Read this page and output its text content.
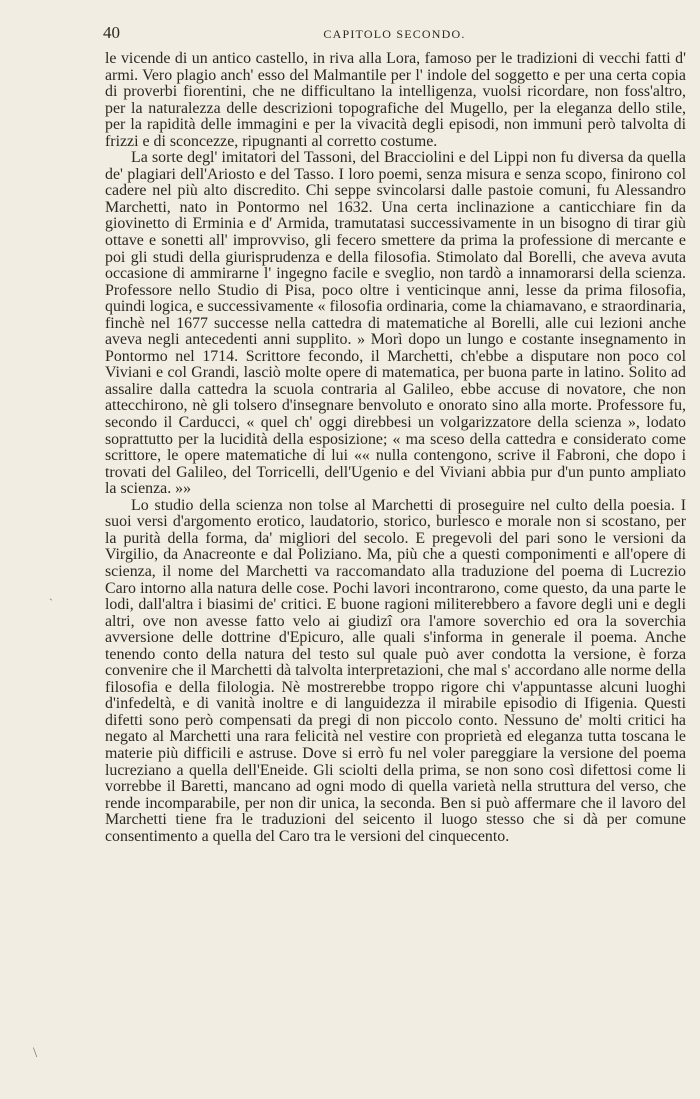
40	CAPITOLO SECONDO.

le vicende di un antico castello, in riva alla Lora, famoso per le tradizioni di vecchi fatti d' armi. Vero plagio anch' esso del Malmantile per l' indole del soggetto e per una certa copia di proverbi fiorentini, che ne difficultano la intelligenza, vuolsi ricordare, non foss'altro, per la naturalezza delle descrizioni topografiche del Mugello, per la eleganza dello stile, per la rapidità delle immagini e per la vivacità degli episodi, non immuni però talvolta di frizzi e di sconcezze, ripugnanti al corretto costume.

La sorte degl' imitatori del Tassoni, del Bracciolini e del Lippi non fu diversa da quella de' plagiari dell'Ariosto e del Tasso. I loro poemi, senza misura e senza scopo, finirono col cadere nel più alto discredito. Chi seppe svincolarsi dalle pastoie comuni, fu Alessandro Marchetti, nato in Pontormo nel 1632. Una certa inclinazione a canticchiare fin da giovinetto di Erminia e d' Armida, tramutatasi successivamente in un bisogno di tirar giù ottave e sonetti all' improvviso, gli fecero smettere da prima la professione di mercante e poi gli studi della giurisprudenza e della filosofia. Stimolato dal Borelli, che aveva avuta occasione di ammirarne l' ingegno facile e sveglio, non tardò a innamorarsi della scienza. Professore nello Studio di Pisa, poco oltre i venticinque anni, lesse da prima filosofia, quindi logica, e successivamente « filosofia ordinaria, come la chiamavano, e straordinaria, finchè nel 1677 successe nella cattedra di matematiche al Borelli, alle cui lezioni anche aveva negli antecedenti anni supplito. » Morì dopo un lungo e costante insegnamento in Pontormo nel 1714. Scrittore fecondo, il Marchetti, ch'ebbe a disputare non poco col Viviani e col Grandi, lasciò molte opere di matematica, per buona parte in latino. Solito ad assalire dalla cattedra la scuola contraria al Galileo, ebbe accuse di novatore, che non attecchirono, nè gli tolsero d'insegnare benvoluto e onorato sino alla morte. Professore fu, secondo il Carducci, « quel ch' oggi direbbesi un volgarizzatore della scienza », lodato soprattutto per la lucidità della esposizione; « ma sceso della cattedra e considerato come scrittore, le opere matematiche di lui «« nulla contengono, scrive il Fabroni, che dopo i trovati del Galileo, del Torricelli, dell'Ugenio e del Viviani abbia pur d'un punto ampliato la scienza. »»

Lo studio della scienza non tolse al Marchetti di proseguire nel culto della poesia. I suoi versi d'argomento erotico, laudatorio, storico, burlesco e morale non si scostano, per la purità della forma, da' migliori del secolo. E pregevoli del pari sono le versioni da Virgilio, da Anacreonte e dal Poliziano. Ma, più che a questi componimenti e all'opere di scienza, il nome del Marchetti va raccomandato alla traduzione del poema di Lucrezio Caro intorno alla natura delle cose. Pochi lavori incontrarono, come questo, da una parte le lodi, dall'altra i biasimi de' critici. E buone ragioni militerebbero a favore degli uni e degli altri, ove non avesse fatto velo ai giudizî ora l'amore soverchio ed ora la soverchia avversione delle dottrine d'Epicuro, alle quali s'informa in generale il poema. Anche tenendo conto della natura del testo sul quale può aver condotta la versione, è forza convenire che il Marchetti dà talvolta interpretazioni, che mal s' accordano alle norme della filosofia e della filologia. Nè mostrerebbe troppo rigore chi v'appuntasse alcuni luoghi d'infedeltà, e di vanità inoltre e di languidezza il mirabile episodio di Ifigenia. Questi difetti sono però compensati da pregi di non piccolo conto. Nessuno de' molti critici ha negato al Marchetti una rara felicità nel vestire con proprietà ed eleganza tutta toscana le materie più difficili e astruse. Dove si errò fu nel voler pareggiare la versione del poema lucreziano a quella dell'Eneide. Gli sciolti della prima, se non sono così difettosi come li vorrebbe il Baretti, mancano ad ogni modo di quella varietà nella struttura del verso, che rende incomparabile, per non dir unica, la seconda. Ben si può affermare che il lavoro del Marchetti tiene fra le traduzioni del seicento il luogo stesso che si dà per comune consentimento a quella del Caro tra le versioni del cinquecento.

`
\
